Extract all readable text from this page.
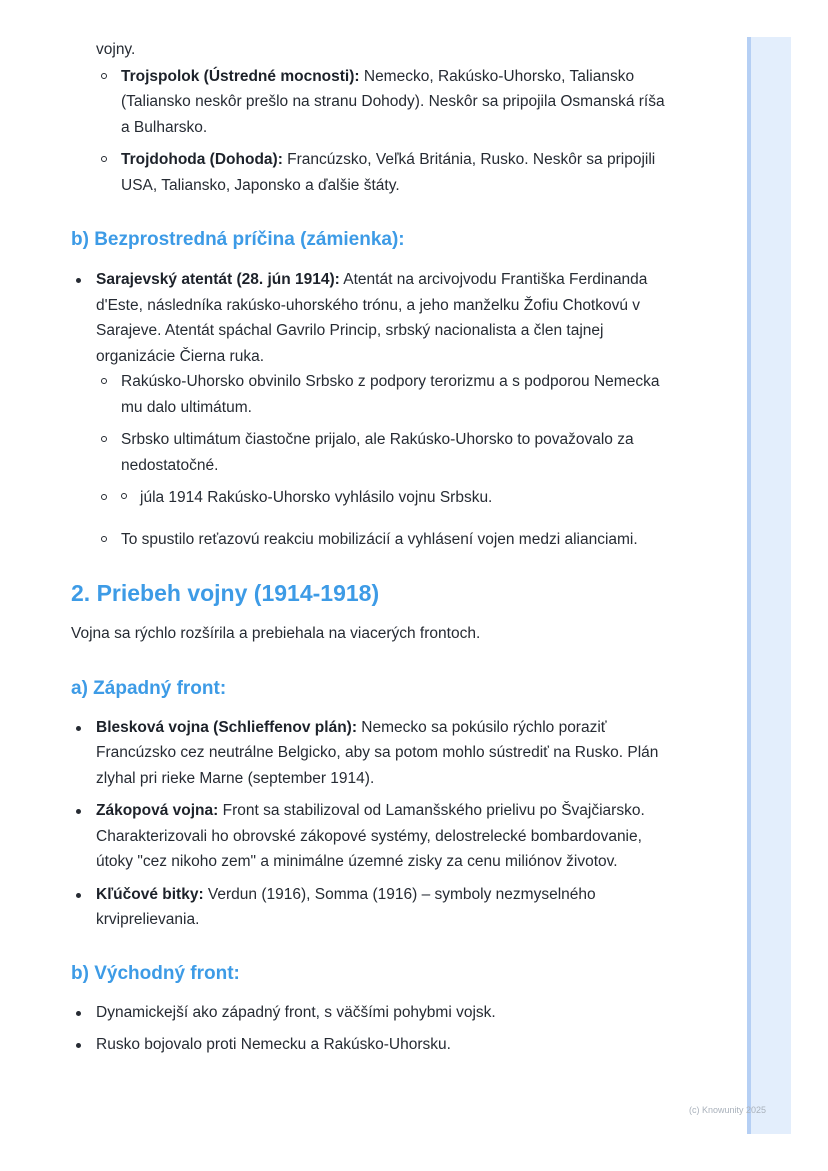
vojny.

Trojspolok (Ústredné mocnosti): Nemecko, Rakúsko-Uhorsko, Taliansko (Taliansko neskôr prešlo na stranu Dohody). Neskôr sa pripojila Osmanská ríša a Bulharsko.
Trojdohoda (Dohoda): Francúzsko, Veľká Británia, Rusko. Neskôr sa pripojili USA, Taliansko, Japonsko a ďalšie štáty.
b) Bezprostredná príčina (zámienka):
Sarajevský atentát (28. jún 1914): Atentát na arcivojvodu Františka Ferdinanda d'Este, následníka rakúsko-uhorského trónu, a jeho manželku Žofiu Chotkovú v Sarajeve. Atentát spáchal Gavrilo Princip, srbský nacionalista a člen tajnej organizácie Čierna ruka.
Rakúsko-Uhorsko obvinilo Srbsko z podpory terorizmu a s podporou Nemecka mu dalo ultimátum.
Srbsko ultimátum čiastočne prijalo, ale Rakúsko-Uhorsko to považovalo za nedostatočné.
júla 1914 Rakúsko-Uhorsko vyhlásilo vojnu Srbsku.
To spustilo reťazovú reakciu mobilizácií a vyhlásení vojen medzi alianciami.
2. Priebeh vojny (1914-1918)

Vojna sa rýchlo rozšírila a prebiehala na viacerých frontoch.

a) Západný front:
Blesková vojna (Schlieffenov plán): Nemecko sa pokúsilo rýchlo poraziť Francúzsko cez neutrálne Belgicko, aby sa potom mohlo sústrediť na Rusko. Plán zlyhal pri rieke Marne (september 1914).
Zákopová vojna: Front sa stabilizoval od Lamanšského prielivu po Švajčiarsko. Charakterizovali ho obrovské zákopové systémy, delostrelecké bombardovanie, útoky "cez nikoho zem" a minimálne územné zisky za cenu miliónov životov.
Kľúčové bitky: Verdun (1916), Somma (1916) – symboly nezmyselného krviprelievania.
b) Východný front:
Dynamickejší ako západný front, s väčšími pohybmi vojsk.
Rusko bojovalo proti Nemecku a Rakúsko-Uhorsku.
(c) Knowunity 2025
